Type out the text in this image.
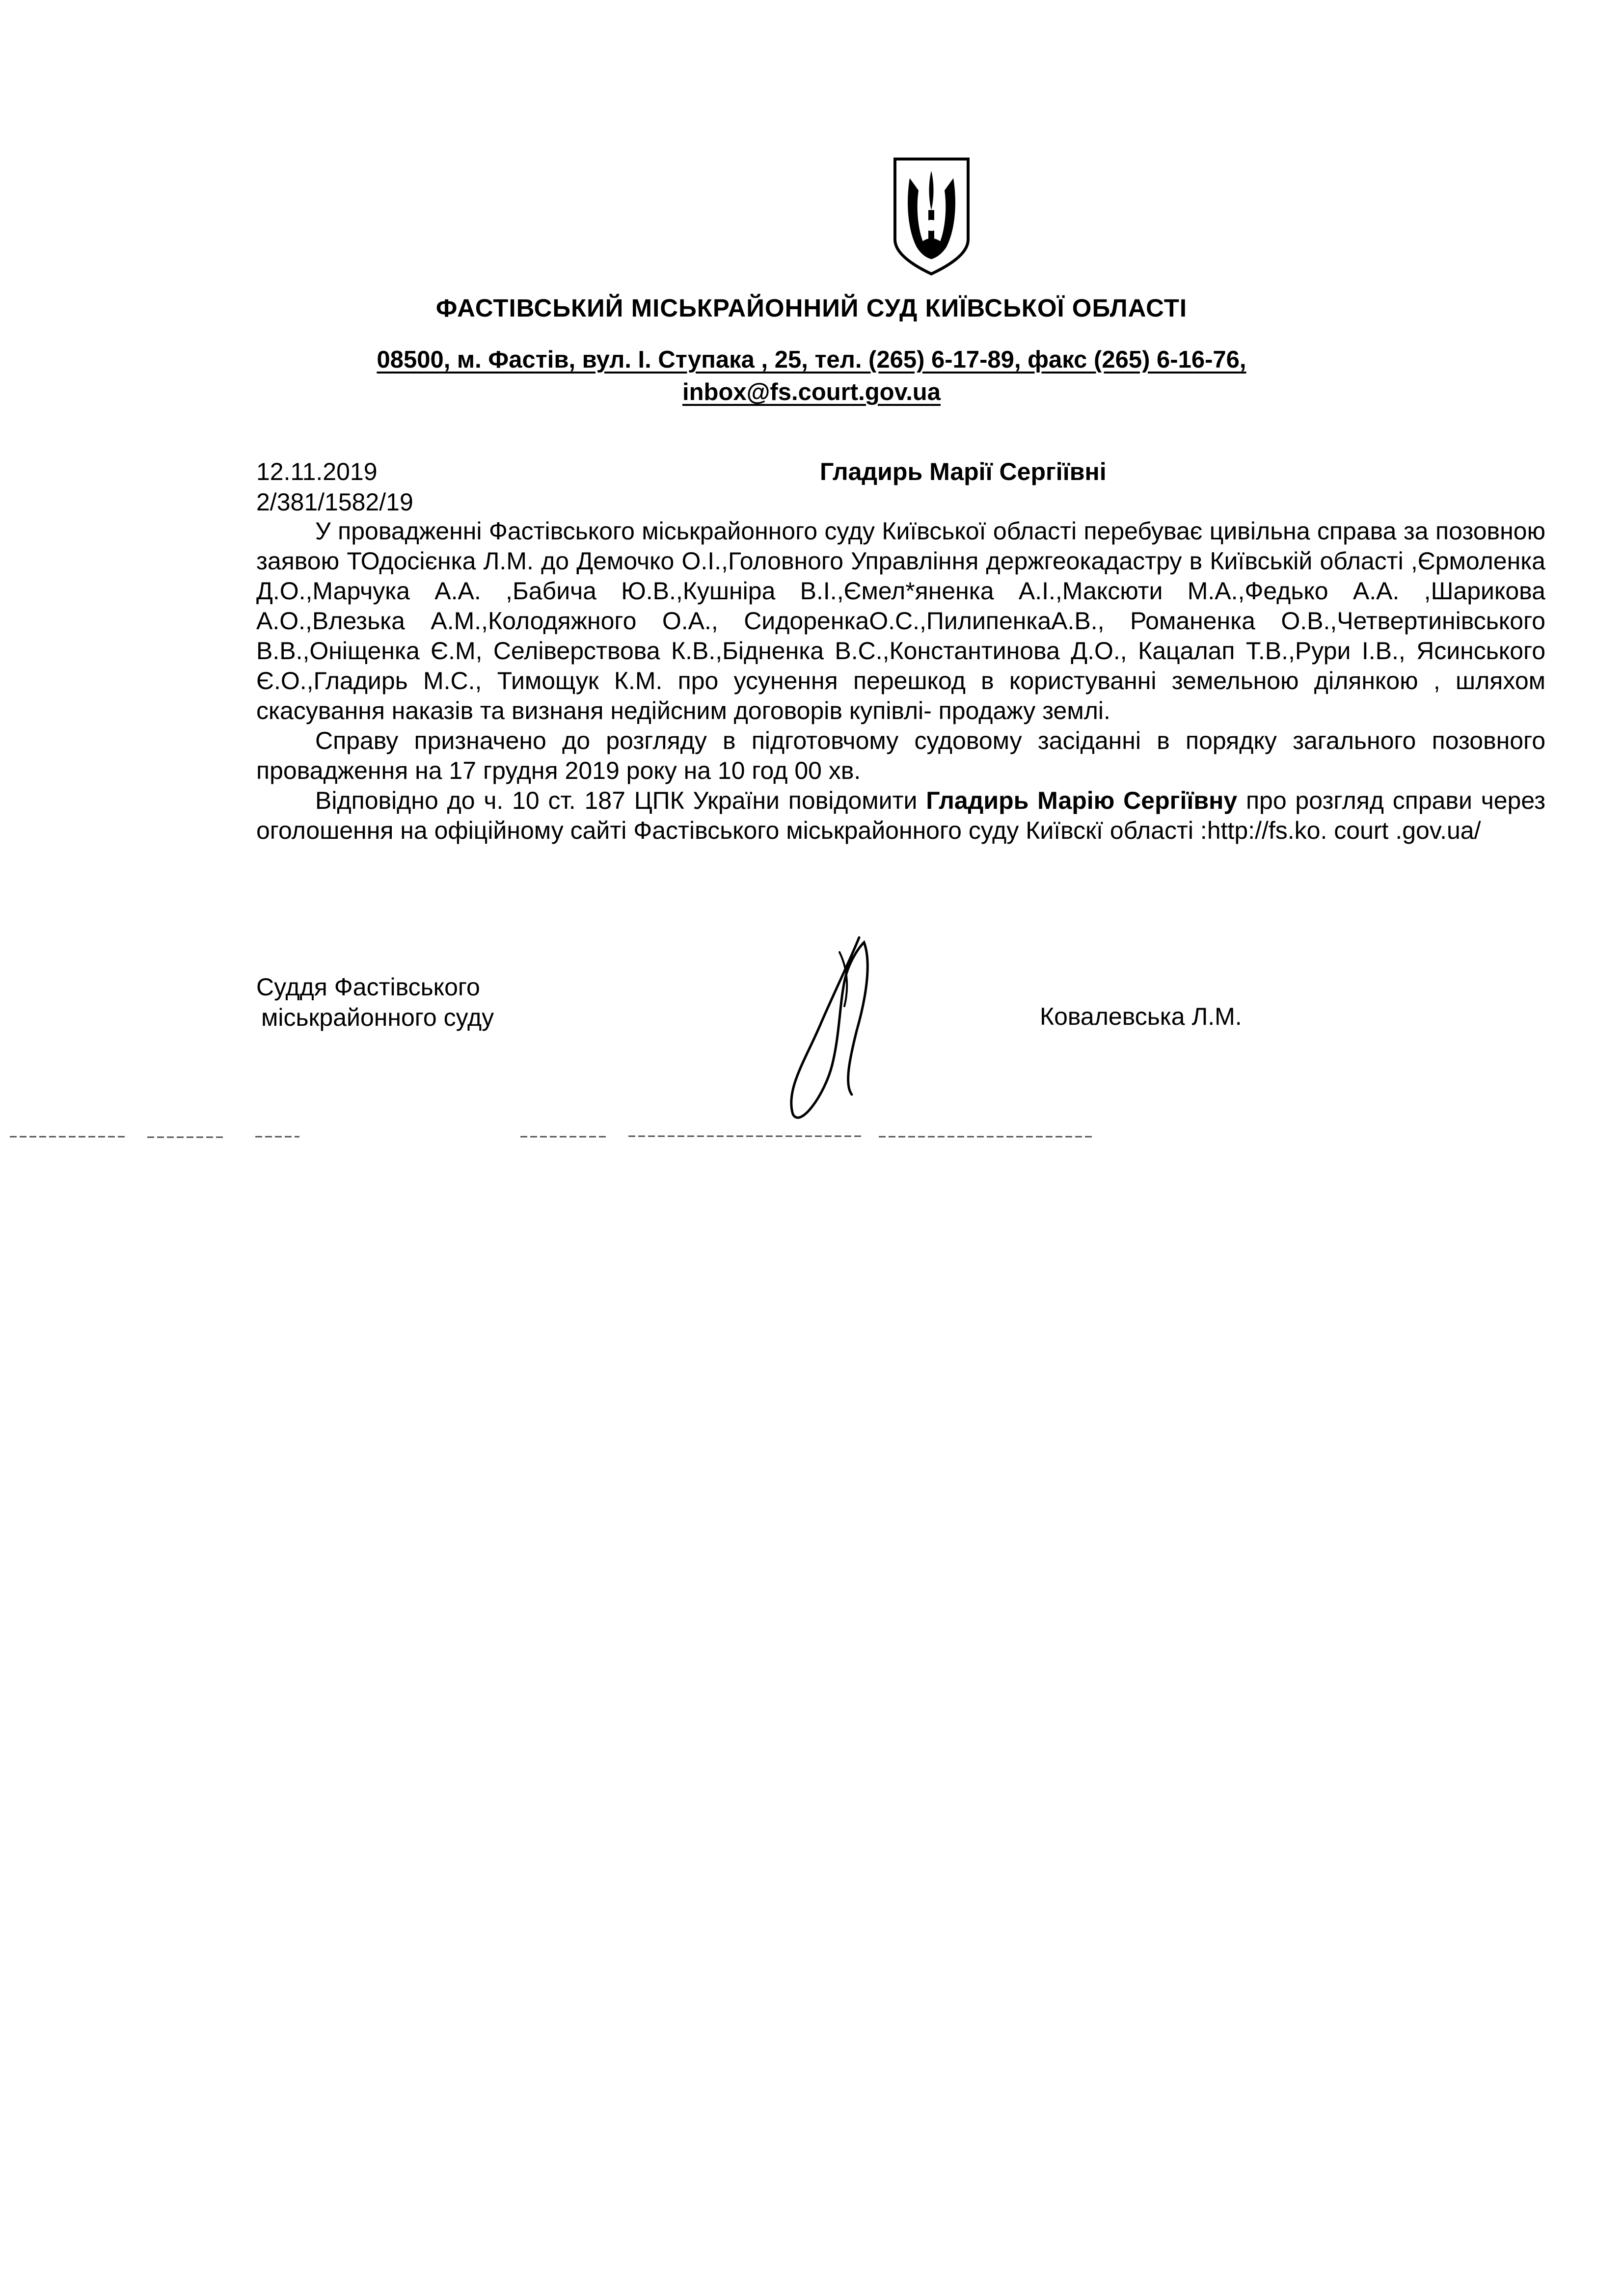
ФАСТІВСЬКИЙ МІСЬКРАЙОННИЙ СУД КИЇВСЬКОЇ ОБЛАСТІ
08500, м. Фастів, вул. І. Ступака , 25, тел. (265) 6-17-89, факс (265) 6-16-76,
inbox@fs.court.gov.ua
12.11.2019
2/381/1582/19
Гладирь Марії Сергіївні

У провадженні Фастівського міськрайонного суду Київської області перебуває цивільна справа за позовною заявою ТОдосієнка Л.М. до Демочко О.І.,Головного Управління держгеокадастру в Київській області ,Єрмоленка Д.О.,Марчука А.А. ,Бабича Ю.В.,Кушніра В.І.,Ємел*яненка А.І.,Максюти М.А.,Федько А.А. ,Шарикова А.О.,Влезька А.М.,Колодяжного О.А., СидоренкаО.С.,ПилипенкаА.В., Романенка О.В.,Четвертинівського В.В.,Оніщенка Є.М, Селіверствова К.В.,Бідненка В.С.,Константинова Д.О., Кацалап Т.В.,Рури І.В., Ясинського Є.О.,Гладирь М.С., Тимощук К.М. про усунення перешкод в користуванні земельною ділянкою , шляхом скасування наказів та визнаня недійсним договорів купівлі- продажу землі.

Справу призначено до розгляду в підготовчому судовому засіданні в порядку загального позовного провадження на 17 грудня 2019 року на 10 год 00 хв.

Відповідно до ч. 10 ст. 187 ЦПК України повідомити Гладирь Марію Сергіївну про розгляд справи через оголошення на офіційному сайті Фастівського міськрайонного суду Київскї області :http://fs.ko. court .gov.ua/

Суддя Фастівського
міськрайонного суду	Ковалевська Л.М.
